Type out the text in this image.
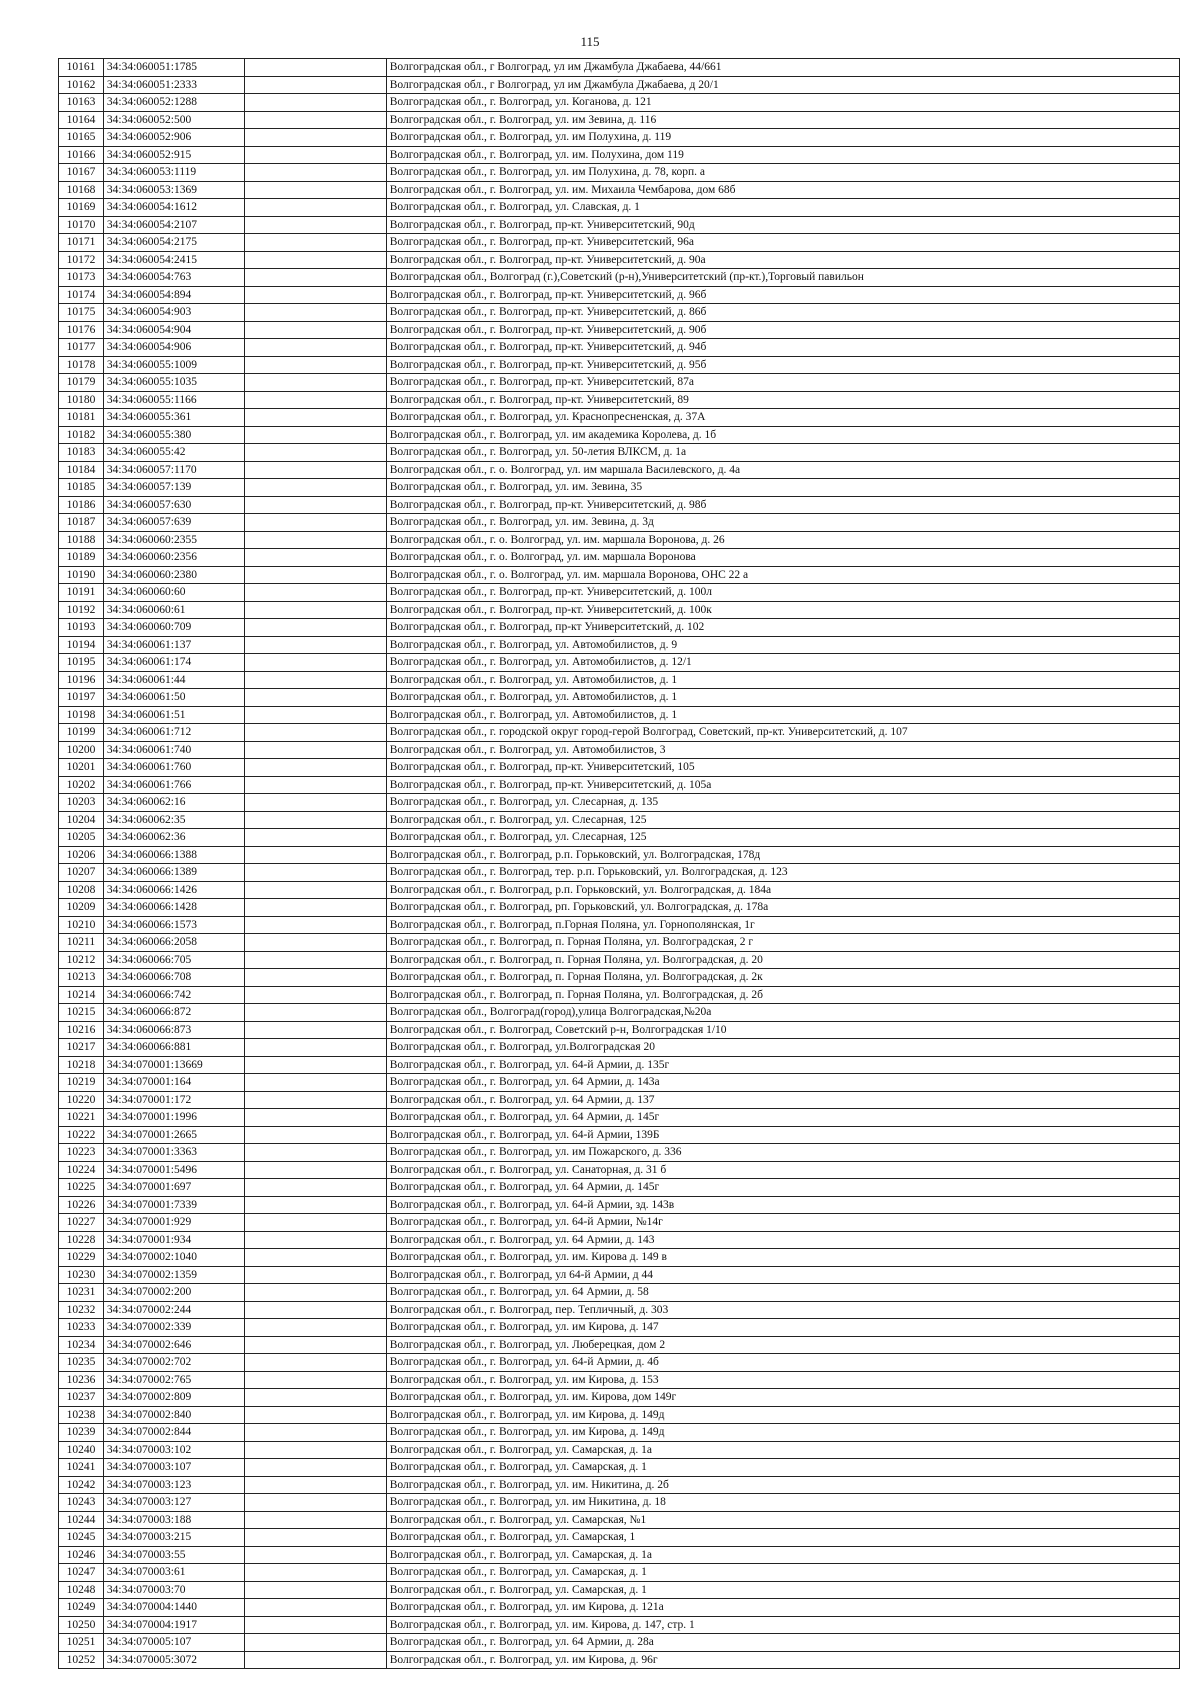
115
10161	34:34:060051:1785		Волгоградская обл., г Волгоград, ул им Джамбула Джабаева, 44/661
10162	34:34:060051:2333		Волгоградская обл., г Волгоград, ул им Джамбула Джабаева, д 20/1
10163	34:34:060052:1288		Волгоградская обл., г. Волгоград, ул. Коганова, д. 121
10164	34:34:060052:500		Волгоградская обл., г. Волгоград, ул. им Зевина, д. 116
10165	34:34:060052:906		Волгоградская обл., г. Волгоград, ул. им Полухина, д. 119
10166	34:34:060052:915		Волгоградская обл., г. Волгоград, ул. им. Полухина, дом 119
10167	34:34:060053:1119		Волгоградская обл., г. Волгоград, ул. им Полухина, д. 78, корп. а
10168	34:34:060053:1369		Волгоградская обл., г. Волгоград, ул. им. Михаила Чембарова, дом 68б
10169	34:34:060054:1612		Волгоградская обл., г. Волгоград, ул. Славская, д. 1
10170	34:34:060054:2107		Волгоградская обл., г. Волгоград, пр-кт. Университетский, 90д
10171	34:34:060054:2175		Волгоградская обл., г. Волгоград, пр-кт. Университетский, 96а
10172	34:34:060054:2415		Волгоградская обл., г. Волгоград, пр-кт. Университетский, д. 90а
10173	34:34:060054:763		Волгоградская обл., Волгоград (г.),Советский (р-н),Университетский (пр-кт.),Торговый павильон
10174	34:34:060054:894		Волгоградская обл., г. Волгоград, пр-кт. Университетский, д. 96б
10175	34:34:060054:903		Волгоградская обл., г. Волгоград, пр-кт. Университетский, д. 86б
10176	34:34:060054:904		Волгоградская обл., г. Волгоград, пр-кт. Университетский, д. 90б
10177	34:34:060054:906		Волгоградская обл., г. Волгоград, пр-кт. Университетский, д. 94б
10178	34:34:060055:1009		Волгоградская обл., г. Волгоград, пр-кт. Университетский, д. 95б
10179	34:34:060055:1035		Волгоградская обл., г. Волгоград, пр-кт. Университетский, 87а
10180	34:34:060055:1166		Волгоградская обл., г. Волгоград, пр-кт. Университетский, 89
10181	34:34:060055:361		Волгоградская обл., г. Волгоград, ул. Краснопресненская, д. 37А
10182	34:34:060055:380		Волгоградская обл., г. Волгоград, ул. им академика Королева, д. 1б
10183	34:34:060055:42		Волгоградская обл., г. Волгоград, ул. 50-летия ВЛКСМ, д. 1а
10184	34:34:060057:1170		Волгоградская обл., г. о. Волгоград, ул. им маршала Василевского, д. 4а
10185	34:34:060057:139		Волгоградская обл., г. Волгоград, ул. им. Зевина, 35
10186	34:34:060057:630		Волгоградская обл., г. Волгоград, пр-кт. Университетский, д. 98б
10187	34:34:060057:639		Волгоградская обл., г. Волгоград, ул. им. Зевина, д. 3д
10188	34:34:060060:2355		Волгоградская обл., г. о. Волгоград, ул. им. маршала Воронова, д. 26
10189	34:34:060060:2356		Волгоградская обл., г. о. Волгоград, ул. им. маршала Воронова
10190	34:34:060060:2380		Волгоградская обл., г. о. Волгоград, ул. им. маршала Воронова, ОНС 22 а
10191	34:34:060060:60		Волгоградская обл., г. Волгоград, пр-кт. Университетский, д. 100л
10192	34:34:060060:61		Волгоградская обл., г. Волгоград, пр-кт. Университетский, д. 100к
10193	34:34:060060:709		Волгоградская обл., г. Волгоград, пр-кт Университетский, д. 102
10194	34:34:060061:137		Волгоградская обл., г. Волгоград, ул. Автомобилистов, д. 9
10195	34:34:060061:174		Волгоградская обл., г. Волгоград, ул. Автомобилистов, д. 12/1
10196	34:34:060061:44		Волгоградская обл., г. Волгоград, ул. Автомобилистов, д. 1
10197	34:34:060061:50		Волгоградская обл., г. Волгоград, ул. Автомобилистов, д. 1
10198	34:34:060061:51		Волгоградская обл., г. Волгоград, ул. Автомобилистов, д. 1
10199	34:34:060061:712		Волгоградская обл., г. городской округ город-герой Волгоград, Советский, пр-кт. Университетский, д. 107
10200	34:34:060061:740		Волгоградская обл., г. Волгоград, ул. Автомобилистов, 3
10201	34:34:060061:760		Волгоградская обл., г. Волгоград, пр-кт. Университетский, 105
10202	34:34:060061:766		Волгоградская обл., г. Волгоград, пр-кт. Университетский, д. 105а
10203	34:34:060062:16		Волгоградская обл., г. Волгоград, ул. Слесарная, д. 135
10204	34:34:060062:35		Волгоградская обл., г. Волгоград, ул. Слесарная, 125
10205	34:34:060062:36		Волгоградская обл., г. Волгоград, ул. Слесарная, 125
10206	34:34:060066:1388		Волгоградская обл., г. Волгоград, р.п. Горьковский, ул. Волгоградская, 178д
10207	34:34:060066:1389		Волгоградская обл., г. Волгоград, тер. р.п. Горьковский, ул. Волгоградская, д. 123
10208	34:34:060066:1426		Волгоградская обл., г. Волгоград, р.п. Горьковский, ул. Волгоградская, д. 184а
10209	34:34:060066:1428		Волгоградская обл., г. Волгоград, рп. Горьковский, ул. Волгоградская, д. 178а
10210	34:34:060066:1573		Волгоградская обл., г. Волгоград, п.Горная Поляна, ул. Горнополянская, 1г
10211	34:34:060066:2058		Волгоградская обл., г. Волгоград, п. Горная Поляна, ул. Волгоградская, 2 г
10212	34:34:060066:705		Волгоградская обл., г. Волгоград, п. Горная Поляна, ул. Волгоградская, д. 20
10213	34:34:060066:708		Волгоградская обл., г. Волгоград, п. Горная Поляна, ул. Волгоградская, д. 2к
10214	34:34:060066:742		Волгоградская обл., г. Волгоград, п. Горная Поляна, ул. Волгоградская, д. 2б
10215	34:34:060066:872		Волгоградская обл., Волгоград(город),улица Волгоградская,№20а
10216	34:34:060066:873		Волгоградская обл., г. Волгоград, Советский р-н, Волгоградская 1/10
10217	34:34:060066:881		Волгоградская обл., г. Волгоград, ул.Волгоградская 20
10218	34:34:070001:13669		Волгоградская обл., г. Волгоград, ул. 64-й Армии, д. 135г
10219	34:34:070001:164		Волгоградская обл., г. Волгоград, ул. 64 Армии, д. 143а
10220	34:34:070001:172		Волгоградская обл., г. Волгоград, ул. 64 Армии, д. 137
10221	34:34:070001:1996		Волгоградская обл., г. Волгоград, ул. 64 Армии, д. 145г
10222	34:34:070001:2665		Волгоградская обл., г. Волгоград, ул. 64-й Армии, 139Б
10223	34:34:070001:3363		Волгоградская обл., г. Волгоград, ул. им Пожарского, д. 336
10224	34:34:070001:5496		Волгоградская обл., г. Волгоград, ул. Санаторная, д. 31 б
10225	34:34:070001:697		Волгоградская обл., г. Волгоград, ул. 64 Армии, д. 145г
10226	34:34:070001:7339		Волгоградская обл., г. Волгоград, ул. 64-й Армии, зд. 143в
10227	34:34:070001:929		Волгоградская обл., г. Волгоград, ул. 64-й Армии, №14г
10228	34:34:070001:934		Волгоградская обл., г. Волгоград, ул. 64 Армии, д. 143
10229	34:34:070002:1040		Волгоградская обл., г. Волгоград, ул. им. Кирова д. 149 в
10230	34:34:070002:1359		Волгоградская обл., г. Волгоград, ул 64-й Армии, д 44
10231	34:34:070002:200		Волгоградская обл., г. Волгоград, ул. 64 Армии, д. 58
10232	34:34:070002:244		Волгоградская обл., г. Волгоград, пер. Тепличный, д. 303
10233	34:34:070002:339		Волгоградская обл., г. Волгоград, ул. им Кирова, д. 147
10234	34:34:070002:646		Волгоградская обл., г. Волгоград, ул. Люберецкая, дом 2
10235	34:34:070002:702		Волгоградская обл., г. Волгоград, ул. 64-й Армии, д. 4б
10236	34:34:070002:765		Волгоградская обл., г. Волгоград, ул. им Кирова, д. 153
10237	34:34:070002:809		Волгоградская обл., г. Волгоград, ул. им. Кирова, дом 149г
10238	34:34:070002:840		Волгоградская обл., г. Волгоград, ул. им Кирова, д. 149д
10239	34:34:070002:844		Волгоградская обл., г. Волгоград, ул. им Кирова, д. 149д
10240	34:34:070003:102		Волгоградская обл., г. Волгоград, ул. Самарская, д. 1а
10241	34:34:070003:107		Волгоградская обл., г. Волгоград, ул. Самарская, д. 1
10242	34:34:070003:123		Волгоградская обл., г. Волгоград, ул. им. Никитина, д. 2б
10243	34:34:070003:127		Волгоградская обл., г. Волгоград, ул. им Никитина, д. 18
10244	34:34:070003:188		Волгоградская обл., г. Волгоград, ул. Самарская, №1
10245	34:34:070003:215		Волгоградская обл., г. Волгоград, ул. Самарская, 1
10246	34:34:070003:55		Волгоградская обл., г. Волгоград, ул. Самарская, д. 1а
10247	34:34:070003:61		Волгоградская обл., г. Волгоград, ул. Самарская, д. 1
10248	34:34:070003:70		Волгоградская обл., г. Волгоград, ул. Самарская, д. 1
10249	34:34:070004:1440		Волгоградская обл., г. Волгоград, ул. им Кирова, д. 121а
10250	34:34:070004:1917		Волгоградская обл., г. Волгоград, ул. им. Кирова, д. 147, стр. 1
10251	34:34:070005:107		Волгоградская обл., г. Волгоград, ул. 64 Армии, д. 28а
10252	34:34:070005:3072		Волгоградская обл., г. Волгоград, ул. им Кирова, д. 96г
